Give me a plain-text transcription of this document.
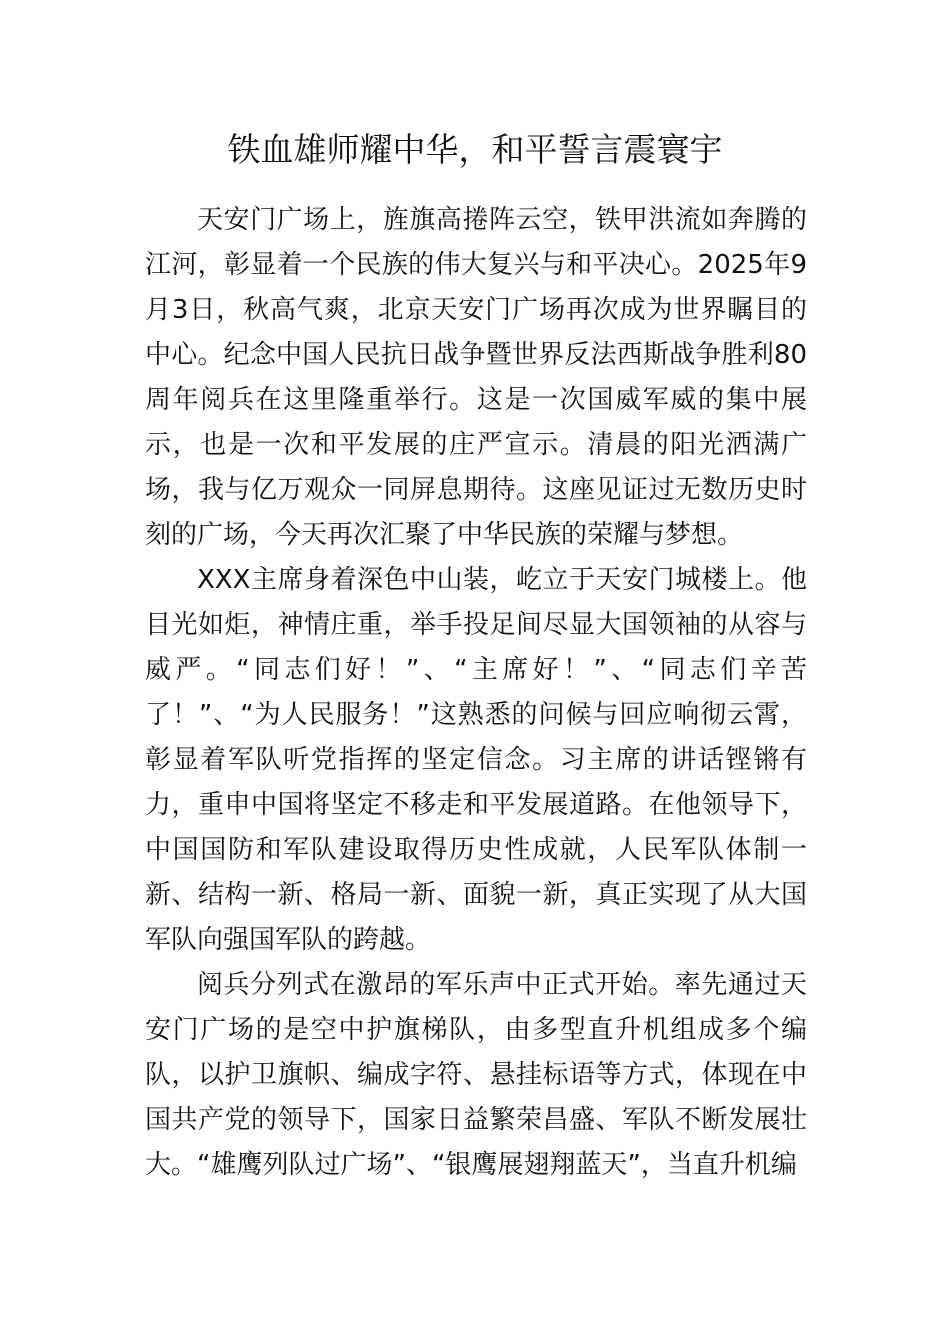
铁血雄师耀中华，和平誓言震寰宇

天安门广场上，旌旗高捲阵云空，铁甲洪流如奔腾的江河，彰显着一个民族的伟大复兴与和平决心。2025年9月3日，秋高气爽，北京天安门广场再次成为世界瞩目的中心。纪念中国人民抗日战争暨世界反法西斯战争胜利80周年阅兵在这里隆重举行。这是一次国威军威的集中展示，也是一次和平发展的庄严宣示。清晨的阳光洒满广场，我与亿万观众一同屏息期待。这座见证过无数历史时刻的广场，今天再次汇聚了中华民族的荣耀与梦想。

XXX主席身着深色中山装，屹立于天安门城楼上。他目光如炬，神情庄重，举手投足间尽显大国领袖的从容与威严。“同志们好！”、“主席好！”、“同志们辛苦了！”、“为人民服务！”这熟悉的问候与回应响彻云霄，彰显着军队听党指挥的坚定信念。习主席的讲话铿锵有力，重申中国将坚定不移走和平发展道路。在他领导下，中国国防和军队建设取得历史性成就，人民军队体制一新、结构一新、格局一新、面貌一新，真正实现了从大国军队向强国军队的跨越。

阅兵分列式在激昂的军乐声中正式开始。率先通过天安门广场的是空中护旗梯队，由多型直升机组成多个编队，以护卫旗帜、编成字符、悬挂标语等方式，体现在中国共产党的领导下，国家日益繁荣昌盛、军队不断发展壮大。“雄鹰列队过广场”、“银鹰展翅翔蓝天”，当直升机编
